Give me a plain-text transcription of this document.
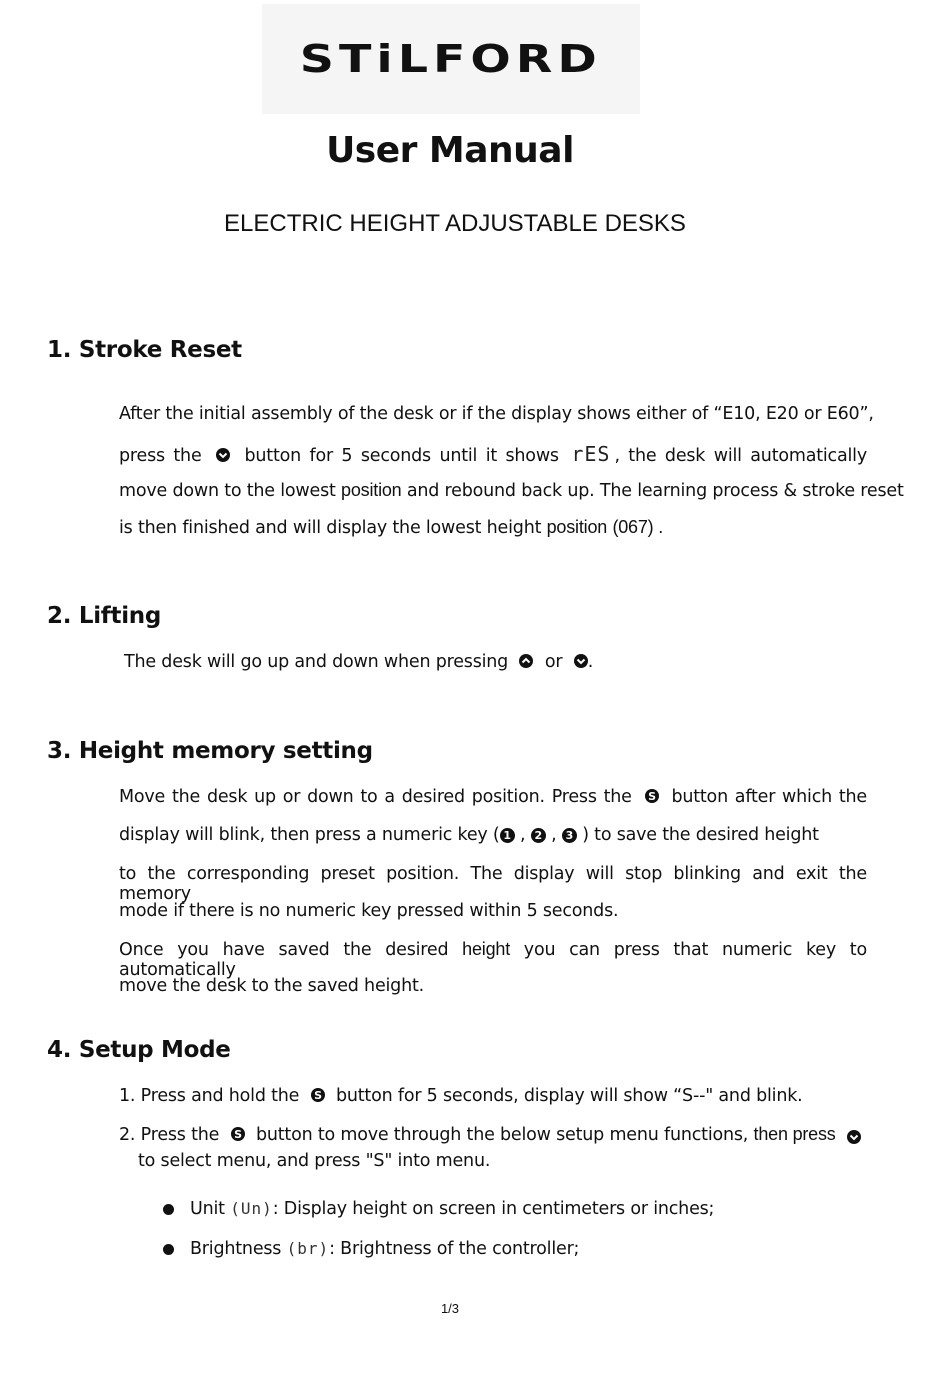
STiLFORD
User Manual
ELECTRIC HEIGHT ADJUSTABLE DESKS
1. Stroke Reset
After the initial assembly of the desk or if the display shows either of “E10, E20 or E60”,
press the button for 5 seconds until it shows rES , the desk will automatically
move down to the lowest position and rebound back up. The learning process & stroke reset
is then finished and will display the lowest height position (067) .
2. Lifting
The desk will go up and down when pressing or .
3. Height memory setting
Move the desk up or down to a desired position. Press the S button after which the
display will blink, then press a numeric key ( 1 , 2 , 3 ) to save the desired height
to the corresponding preset position. The display will stop blinking and exit the memory
mode if there is no numeric key pressed within 5 seconds.
Once you have saved the desired height you can press that numeric key to automatically
move the desk to the saved height.
4. Setup Mode
1. Press and hold the S button for 5 seconds, display will show “S--" and blink.
2. Press the S button to move through the below setup menu functions, then press
to select menu, and press "S" into menu.
Unit (Un): Display height on screen in centimeters or inches;
Brightness (br): Brightness of the controller;
1/3
